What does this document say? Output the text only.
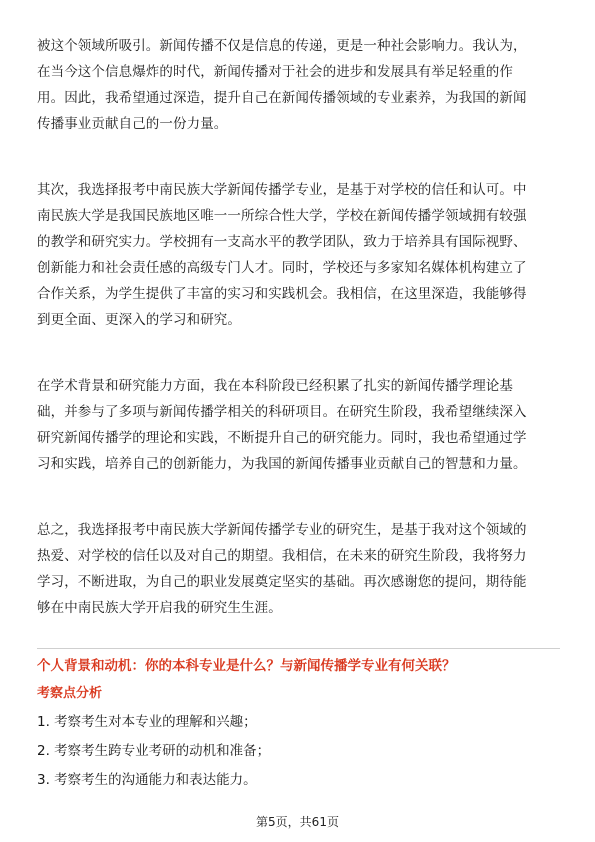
被这个领域所吸引。新闻传播不仅是信息的传递，更是一种社会影响力。我认为，
在当今这个信息爆炸的时代，新闻传播对于社会的进步和发展具有举足轻重的作
用。因此，我希望通过深造，提升自己在新闻传播领域的专业素养，为我国的新闻
传播事业贡献自己的一份力量。
其次，我选择报考中南民族大学新闻传播学专业，是基于对学校的信任和认可。中
南民族大学是我国民族地区唯一一所综合性大学，学校在新闻传播学领域拥有较强
的教学和研究实力。学校拥有一支高水平的教学团队，致力于培养具有国际视野、
创新能力和社会责任感的高级专门人才。同时，学校还与多家知名媒体机构建立了
合作关系，为学生提供了丰富的实习和实践机会。我相信，在这里深造，我能够得
到更全面、更深入的学习和研究。
在学术背景和研究能力方面，我在本科阶段已经积累了扎实的新闻传播学理论基
础，并参与了多项与新闻传播学相关的科研项目。在研究生阶段，我希望继续深入
研究新闻传播学的理论和实践，不断提升自己的研究能力。同时，我也希望通过学
习和实践，培养自己的创新能力，为我国的新闻传播事业贡献自己的智慧和力量。
总之，我选择报考中南民族大学新闻传播学专业的研究生，是基于我对这个领域的
热爱、对学校的信任以及对自己的期望。我相信，在未来的研究生阶段，我将努力
学习，不断进取，为自己的职业发展奠定坚实的基础。再次感谢您的提问，期待能
够在中南民族大学开启我的研究生生涯。
个人背景和动机：你的本科专业是什么？与新闻传播学专业有何关联？
考察点分析
1. 考察考生对本专业的理解和兴趣；
2. 考察考生跨专业考研的动机和准备；
3. 考察考生的沟通能力和表达能力。
第5页，共61页
